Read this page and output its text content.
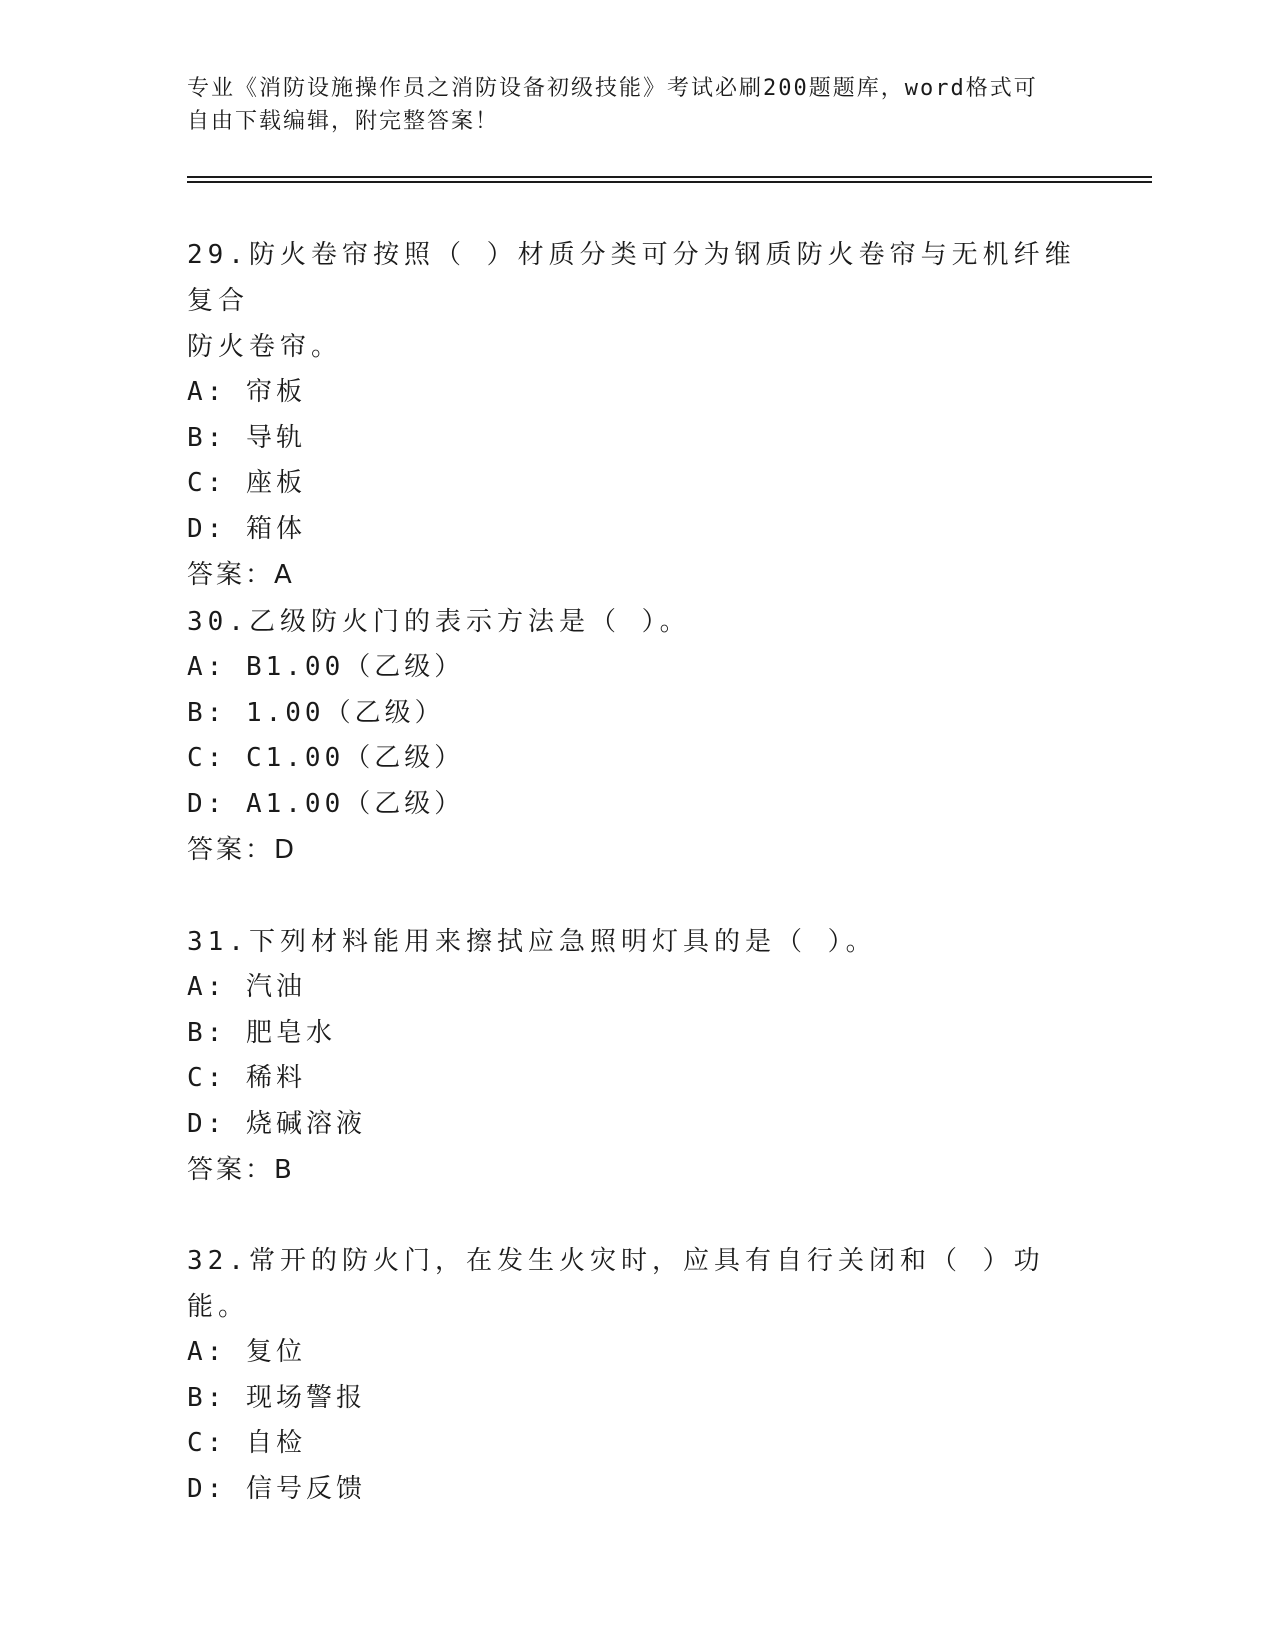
专业《消防设施操作员之消防设备初级技能》考试必刷200题题库，word格式可
自由下载编辑，附完整答案！

29.防火卷帘按照（ ）材质分类可分为钢质防火卷帘与无机纤维复合

防火卷帘。

A: 帘板

B: 导轨

C: 座板

D: 箱体

答案：A

30.乙级防火门的表示方法是（ ）。

A: B1.00（乙级）

B: 1.00（乙级）

C: C1.00（乙级）

D: A1.00（乙级）

答案：D

31.下列材料能用来擦拭应急照明灯具的是（ ）。

A: 汽油

B: 肥皂水

C: 稀料

D: 烧碱溶液

答案：B

32.常开的防火门，在发生火灾时，应具有自行关闭和（ ）功能。

A: 复位

B: 现场警报

C: 自检

D: 信号反馈
